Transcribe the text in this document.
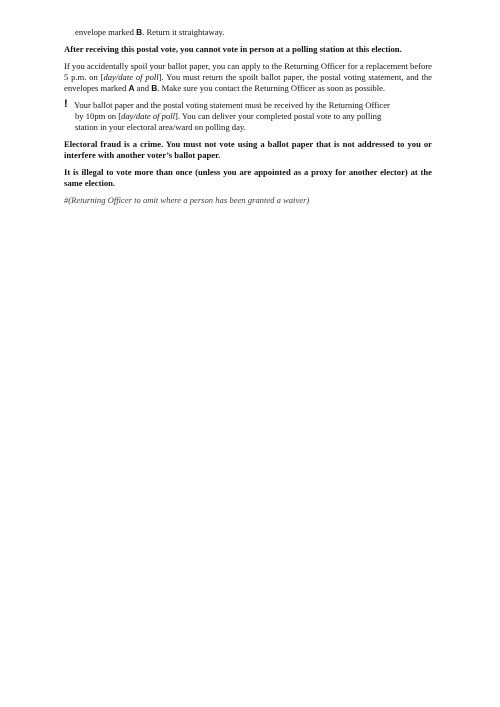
envelope marked B. Return it straightaway.

After receiving this postal vote, you cannot vote in person at a polling station at this election.

If you accidentally spoil your ballot paper, you can apply to the Returning Officer for a replacement before 5 p.m. on [day/date of poll]. You must return the spoilt ballot paper, the postal voting statement, and the envelopes marked A and B. Make sure you contact the Returning Officer as soon as possible.

! Your ballot paper and the postal voting statement must be received by the Returning Officer
by 10pm on [day/date of poll]. You can deliver your completed postal vote to any polling
station in your electoral area/ward on polling day.

Electoral fraud is a crime. You must not vote using a ballot paper that is not addressed to you or interfere with another voter’s ballot paper.

It is illegal to vote more than once (unless you are appointed as a proxy for another elector) at the same election.

#(Returning Officer to omit where a person has been granted a waiver)
